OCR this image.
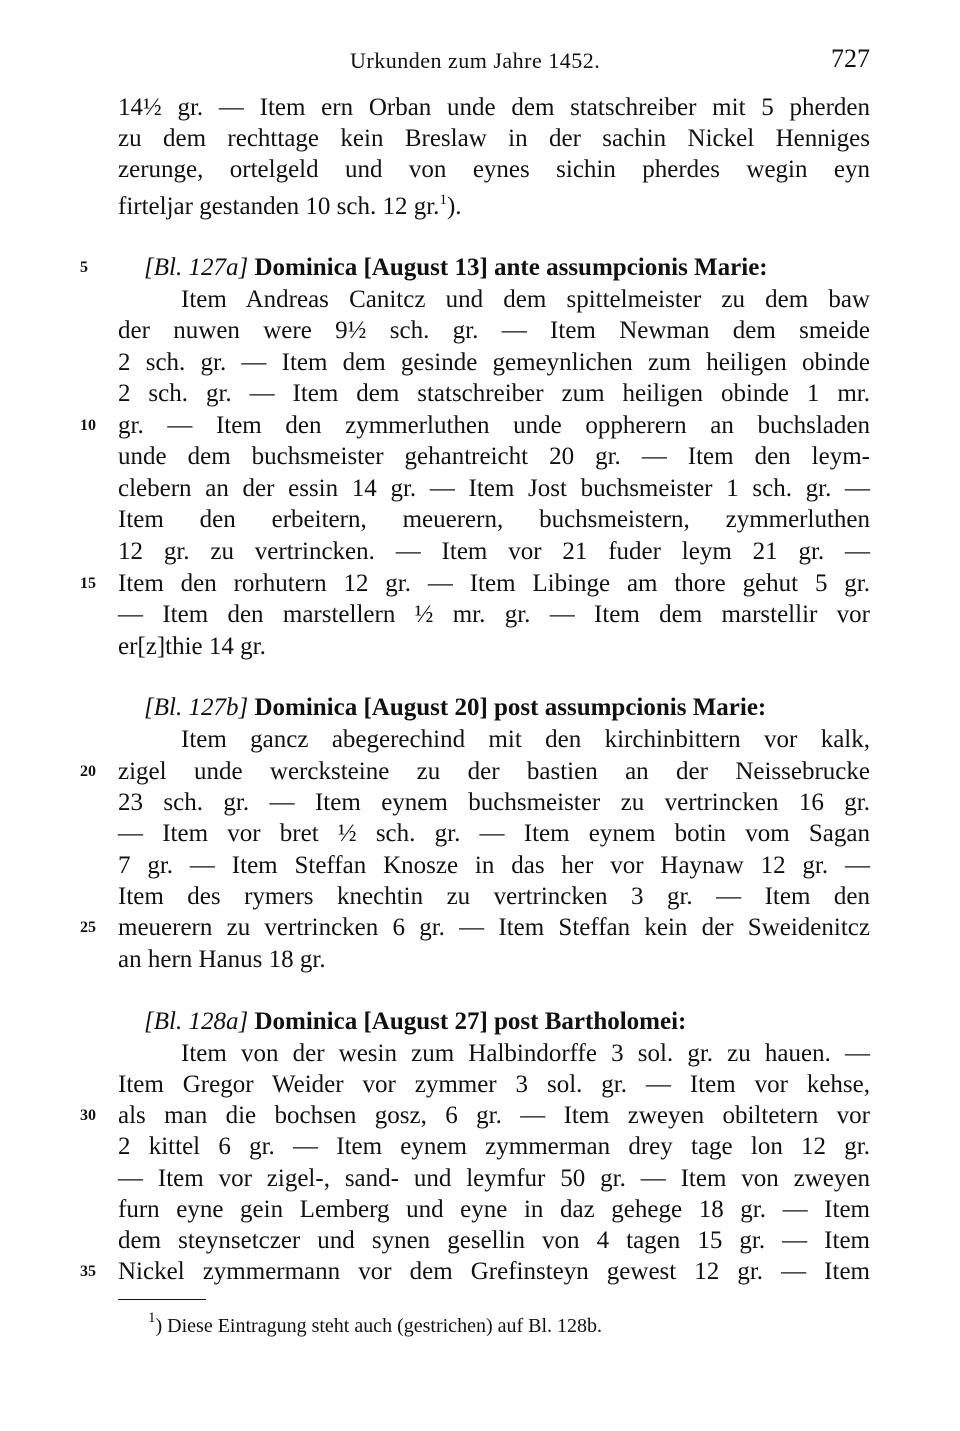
Urkunden zum Jahre 1452.	727
5
10
15
20
25
30
35
14½ gr. — Item ern Orban unde dem statschreiber mit 5 pherden
zu dem rechttage kein Breslaw in der sachin Nickel Henniges
zerunge, ortelgeld und von eynes sichin pherdes wegin eyn
firteljar gestanden 10 sch. 12 gr.$^1$).
[Bl. 127a] Dominica [August 13] ante assumpcionis Marie:
Item Andreas Canitcz und dem spittelmeister zu dem baw
der nuwen were 9½ sch. gr. — Item Newman dem smeide
2 sch. gr. — Item dem gesinde gemeynlichen zum heiligen obinde
2 sch. gr. — Item dem statschreiber zum heiligen obinde 1 mr.
gr. — Item den zymmerluthen unde oppherern an buchsladen
unde dem buchsmeister gehantreicht 20 gr. — Item den leym-
clebern an der essin 14 gr. — Item Jost buchsmeister 1 sch. gr. —
Item den erbeitern, meuerern, buchsmeistern, zymmerluthen
12 gr. zu vertrincken. — Item vor 21 fuder leym 21 gr. —
Item den rorhutern 12 gr. — Item Libinge am thore gehut 5 gr.
— Item den marstellern ½ mr. gr. — Item dem marstellir vor
er[z]thie 14 gr.
[Bl. 127b] Dominica [August 20] post assumpcionis Marie:
Item gancz abegerechind mit den kirchinbittern vor kalk,
zigel unde wercksteine zu der bastien an der Neissebrucke
23 sch. gr. — Item eynem buchsmeister zu vertrincken 16 gr.
— Item vor bret ½ sch. gr. — Item eynem botin vom Sagan
7 gr. — Item Steffan Knosze in das her vor Haynaw 12 gr. —
Item des rymers knechtin zu vertrincken 3 gr. — Item den
meuerern zu vertrincken 6 gr. — Item Steffan kein der Sweidenitcz
an hern Hanus 18 gr.
[Bl. 128a] Dominica [August 27] post Bartholomei:
Item von der wesin zum Halbindorffe 3 sol. gr. zu hauen. —
Item Gregor Weider vor zymmer 3 sol. gr. — Item vor kehse,
als man die bochsen gosz, 6 gr. — Item zweyen obiltetern vor
2 kittel 6 gr. — Item eynem zymmerman drey tage lon 12 gr.
— Item vor zigel-, sand- und leymfur 50 gr. — Item von zweyen
furn eyne gein Lemberg und eyne in daz gehege 18 gr. — Item
dem steynsetczer und synen gesellin von 4 tagen 15 gr. — Item
Nickel zymmermann vor dem Grefinsteyn gewest 12 gr. — Item
$^1$) Diese Eintragung steht auch (gestrichen) auf Bl. 128b.
